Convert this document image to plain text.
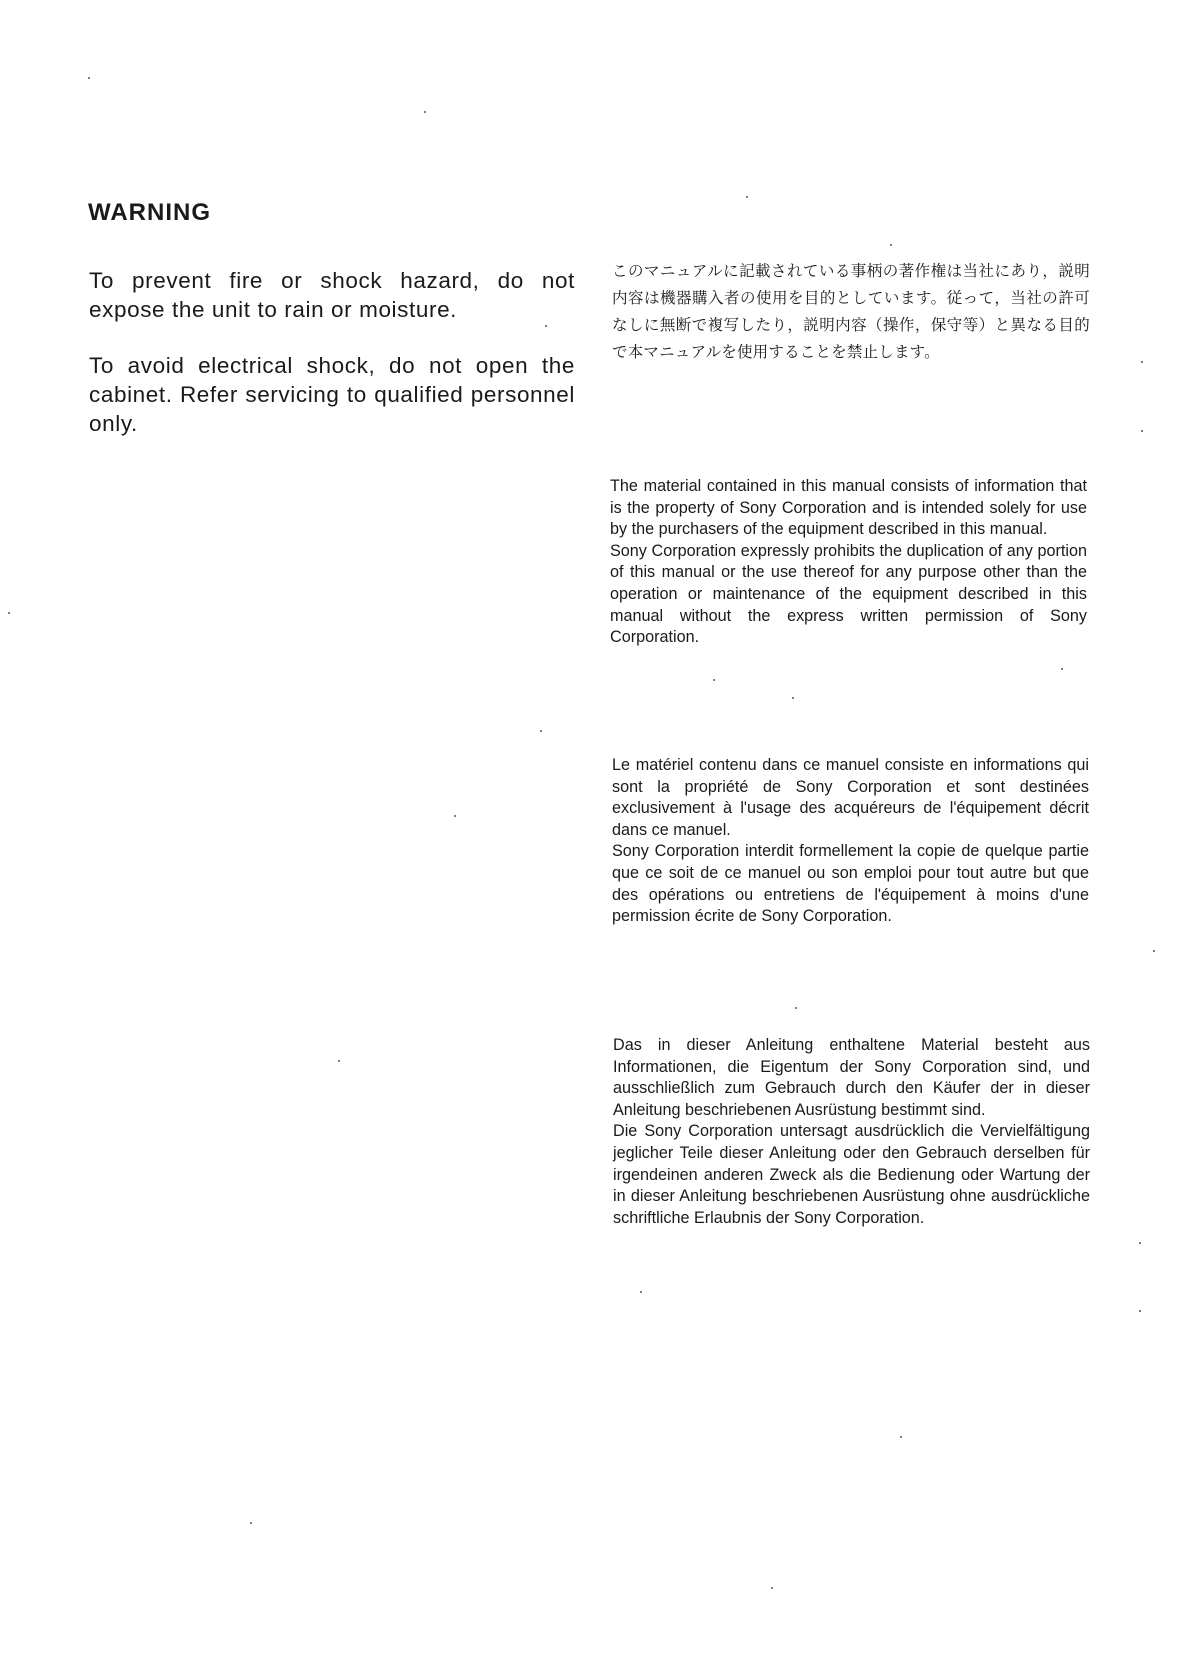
WARNING

To prevent fire or shock hazard, do not expose the unit to rain or moisture.

To avoid electrical shock, do not open the cabinet. Refer servicing to qualified personnel only.

このマニュアルに記載されている事柄の著作権は当社にあり，説明内容は機器購入者の使用を目的としています。従って，当社の許可なしに無断で複写したり，説明内容（操作，保守等）と異なる目的で本マニュアルを使用することを禁止します。

The material contained in this manual consists of information that is the property of Sony Corporation and is intended solely for use by the purchasers of the equipment described in this manual.

Sony Corporation expressly prohibits the duplication of any portion of this manual or the use thereof for any purpose other than the operation or maintenance of the equipment described in this manual without the express written permission of Sony Corporation.

Le matériel contenu dans ce manuel consiste en informations qui sont la propriété de Sony Corporation et sont destinées exclusivement à l'usage des acquéreurs de l'équipement décrit dans ce manuel.

Sony Corporation interdit formellement la copie de quelque partie que ce soit de ce manuel ou son emploi pour tout autre but que des opérations ou entretiens de l'équipement à moins d'une permission écrite de Sony Corporation.

Das in dieser Anleitung enthaltene Material besteht aus Informationen, die Eigentum der Sony Corporation sind, und ausschließlich zum Gebrauch durch den Käufer der in dieser Anleitung beschriebenen Ausrüstung bestimmt sind.

Die Sony Corporation untersagt ausdrücklich die Vervielfältigung jeglicher Teile dieser Anleitung oder den Gebrauch derselben für irgendeinen anderen Zweck als die Bedienung oder Wartung der in dieser Anleitung beschriebenen Ausrüstung ohne ausdrückliche schriftliche Erlaubnis der Sony Corporation.
